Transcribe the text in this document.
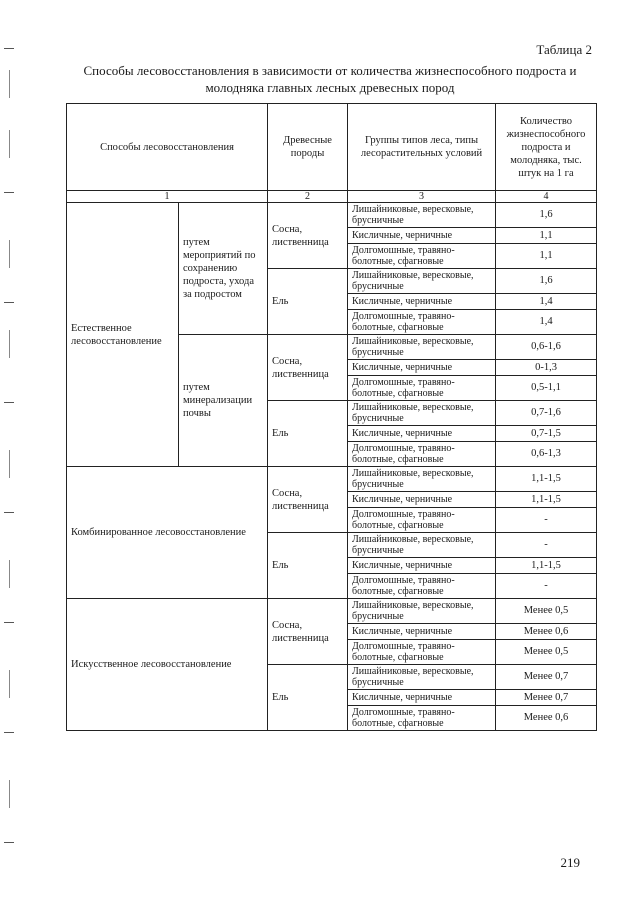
Таблица 2
Способы лесовосстановления в зависимости от количества жизнеспособного подроста и
молодняка главных лесных древесных пород
Способы лесовосстановления		Древесные породы	Группы типов леса, типы лесорастительных условий	Количество жизнеспособного подроста и молодняка, тыс. штук на 1 га
1		2	3	4
Естественное лесовосстановление	путем мероприятий по сохранению подроста, ухода за подростом	Сосна, лиственница	Лишайниковые, вересковые, брусничные	1,6
			Кисличные, черничные	1,1
			Долгомошные, травяно-болотные, сфагновые	1,1
		Ель	Лишайниковые, вересковые, брусничные	1,6
			Кисличные, черничные	1,4
			Долгомошные, травяно-болотные, сфагновые	1,4
	путем минерализации почвы	Сосна, лиственница	Лишайниковые, вересковые, брусничные	0,6-1,6
			Кисличные, черничные	0-1,3
			Долгомошные, травяно-болотные, сфагновые	0,5-1,1
		Ель	Лишайниковые, вересковые, брусничные	0,7-1,6
			Кисличные, черничные	0,7-1,5
			Долгомошные, травяно-болотные, сфагновые	0,6-1,3
Комбинированное лесовосстановление		Сосна, лиственница	Лишайниковые, вересковые, брусничные	1,1-1,5
			Кисличные, черничные	1,1-1,5
			Долгомошные, травяно-болотные, сфагновые	-
		Ель	Лишайниковые, вересковые, брусничные	-
			Кисличные, черничные	1,1-1,5
			Долгомошные, травяно-болотные, сфагновые	-
Искусственное лесовосстановление		Сосна, лиственница	Лишайниковые, вересковые, брусничные	Менее 0,5
			Кисличные, черничные	Менее 0,6
			Долгомошные, травяно-болотные, сфагновые	Менее 0,5
		Ель	Лишайниковые, вересковые, брусничные	Менее 0,7
			Кисличные, черничные	Менее 0,7
			Долгомошные, травяно-болотные, сфагновые	Менее 0,6
219
